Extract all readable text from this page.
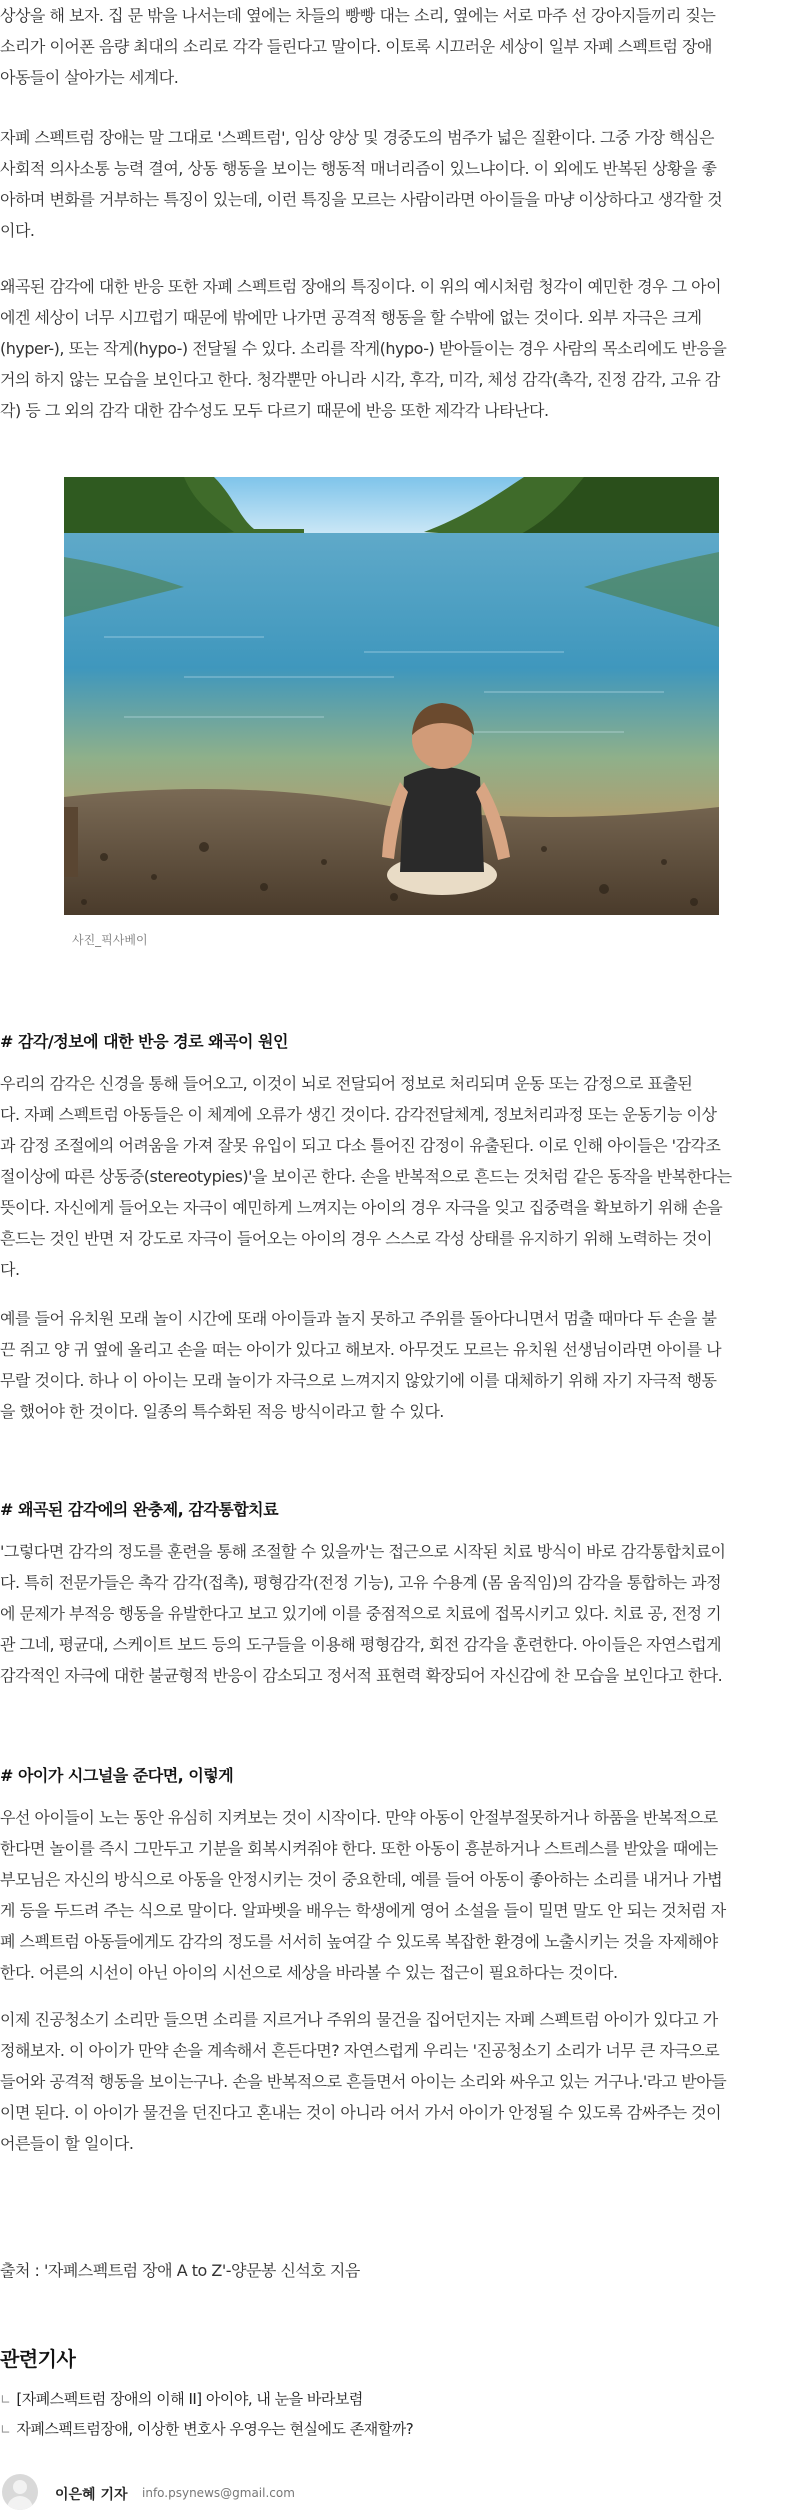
상상을 해 보자. 집 문 밖을 나서는데 옆에는 차들의 빵빵 대는 소리, 옆에는 서로 마주 선 강아지들끼리 짖는
소리가 이어폰 음량 최대의 소리로 각각 들린다고 말이다. 이토록 시끄러운 세상이 일부 자폐 스펙트럼 장애
아동들이 살아가는 세계다.
자폐 스펙트럼 장애는 말 그대로 '스펙트럼', 임상 양상 및 경중도의 범주가 넓은 질환이다. 그중 가장 핵심은
사회적 의사소통 능력 결여, 상동 행동을 보이는 행동적 매너리즘이 있느냐이다. 이 외에도 반복된 상황을 좋
아하며 변화를 거부하는 특징이 있는데, 이런 특징을 모르는 사람이라면 아이들을 마냥 이상하다고 생각할 것
이다.
왜곡된 감각에 대한 반응 또한 자폐 스펙트럼 장애의 특징이다. 이 위의 예시처럼 청각이 예민한 경우 그 아이
에겐 세상이 너무 시끄럽기 때문에 밖에만 나가면 공격적 행동을 할 수밖에 없는 것이다. 외부 자극은 크게
(hyper-), 또는 작게(hypo-) 전달될 수 있다. 소리를 작게(hypo-) 받아들이는 경우 사람의 목소리에도 반응을
거의 하지 않는 모습을 보인다고 한다. 청각뿐만 아니라 시각, 후각, 미각, 체성 감각(촉각, 진정 감각, 고유 감
각) 등 그 외의 감각 대한 감수성도 모두 다르기 때문에 반응 또한 제각각 나타난다.
사진_픽사베이
# 감각/정보에 대한 반응 경로 왜곡이 원인
우리의 감각은 신경을 통해 들어오고, 이것이 뇌로 전달되어 정보로 처리되며 운동 또는 감정으로 표출된
다. 자폐 스펙트럼 아동들은 이 체계에 오류가 생긴 것이다. 감각전달체계, 정보처리과정 또는 운동기능 이상
과 감정 조절에의 어려움을 가져 잘못 유입이 되고 다소 틀어진 감정이 유출된다. 이로 인해 아이들은 '감각조
절이상에 따른 상동증(stereotypies)'을 보이곤 한다. 손을 반복적으로 흔드는 것처럼 같은 동작을 반복한다는
뜻이다. 자신에게 들어오는 자극이 예민하게 느껴지는 아이의 경우 자극을 잊고 집중력을 확보하기 위해 손을
흔드는 것인 반면 저 강도로 자극이 들어오는 아이의 경우 스스로 각성 상태를 유지하기 위해 노력하는 것이
다.
예를 들어 유치원 모래 놀이 시간에 또래 아이들과 놀지 못하고 주위를 돌아다니면서 멈출 때마다 두 손을 불
끈 쥐고 양 귀 옆에 올리고 손을 떠는 아이가 있다고 해보자. 아무것도 모르는 유치원 선생님이라면 아이를 나
무랄 것이다. 하나 이 아이는 모래 놀이가 자극으로 느껴지지 않았기에 이를 대체하기 위해 자기 자극적 행동
을 했어야 한 것이다. 일종의 특수화된 적응 방식이라고 할 수 있다.
# 왜곡된 감각에의 완충제, 감각통합치료
'그렇다면 감각의 정도를 훈련을 통해 조절할 수 있을까'는 접근으로 시작된 치료 방식이 바로 감각통합치료이
다. 특히 전문가들은 촉각 감각(접촉), 평형감각(전정 기능), 고유 수용계 (몸 움직임)의 감각을 통합하는 과정
에 문제가 부적응 행동을 유발한다고 보고 있기에 이를 중점적으로 치료에 접목시키고 있다. 치료 공, 전정 기
관 그네, 평균대, 스케이트 보드 등의 도구들을 이용해 평형감각, 회전 감각을 훈련한다. 아이들은 자연스럽게
감각적인 자극에 대한 불균형적 반응이 감소되고 정서적 표현력 확장되어 자신감에 찬 모습을 보인다고 한다.
# 아이가 시그널을 준다면, 이렇게
우선 아이들이 노는 동안 유심히 지켜보는 것이 시작이다. 만약 아동이 안절부절못하거나 하품을 반복적으로
한다면 놀이를 즉시 그만두고 기분을 회복시켜줘야 한다. 또한 아동이 흥분하거나 스트레스를 받았을 때에는
부모님은 자신의 방식으로 아동을 안정시키는 것이 중요한데, 예를 들어 아동이 좋아하는 소리를 내거나 가볍
게 등을 두드려 주는 식으로 말이다. 알파벳을 배우는 학생에게 영어 소설을 들이 밀면 말도 안 되는 것처럼 자
폐 스펙트럼 아동들에게도 감각의 정도를 서서히 높여갈 수 있도록 복잡한 환경에 노출시키는 것을 자제해야
한다. 어른의 시선이 아닌 아이의 시선으로 세상을 바라볼 수 있는 접근이 필요하다는 것이다.
이제 진공청소기 소리만 들으면 소리를 지르거나 주위의 물건을 집어던지는 자폐 스펙트럼 아이가 있다고 가
정해보자. 이 아이가 만약 손을 계속해서 흔든다면? 자연스럽게 우리는 '진공청소기 소리가 너무 큰 자극으로
들어와 공격적 행동을 보이는구나. 손을 반복적으로 흔들면서 아이는 소리와 싸우고 있는 거구나.'라고 받아들
이면 된다. 이 아이가 물건을 던진다고 혼내는 것이 아니라 어서 가서 아이가 안정될 수 있도록 감싸주는 것이
어른들이 할 일이다.
출처 : '자폐스펙트럼 장애 A to Z'-양문봉 신석호 지음
관련기사
∟ [자폐스펙트럼 장애의 이해 II] 아이야, 내 눈을 바라보렴
∟ 자폐스펙트럼장애, 이상한 변호사 우영우는 현실에도 존재할까?
이은혜 기자 info.psynews@gmail.com
